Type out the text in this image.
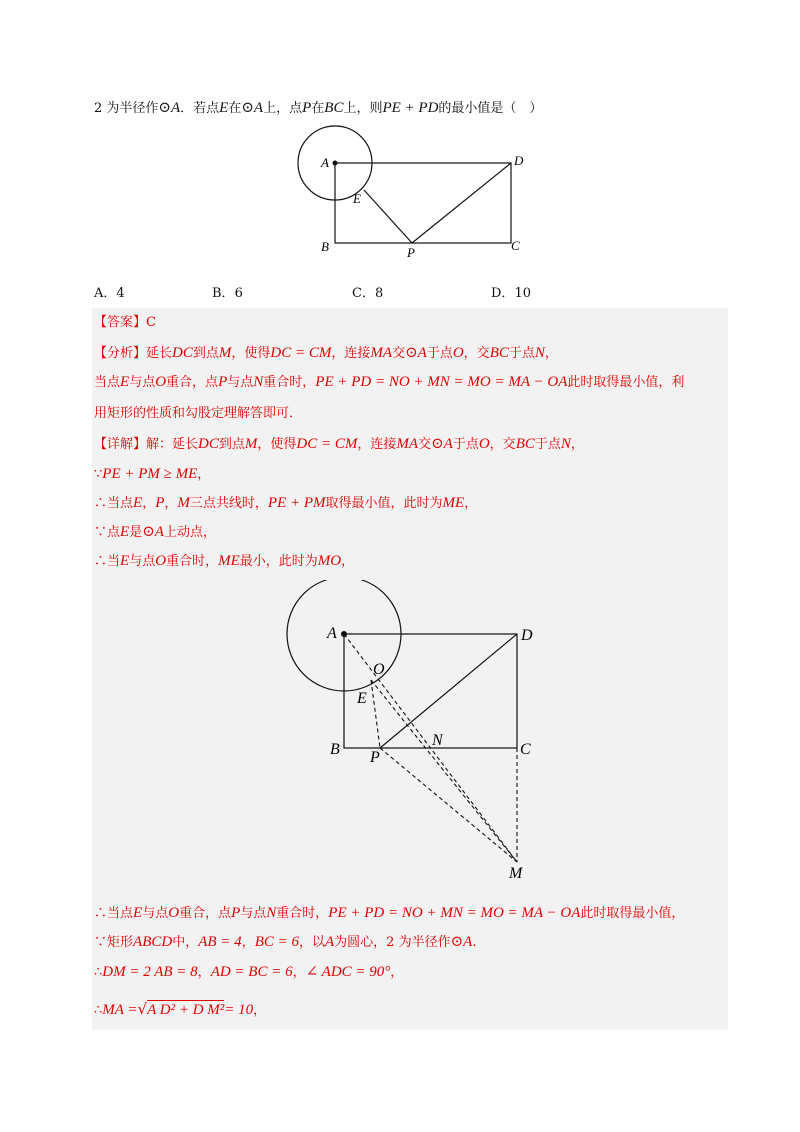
2 为半径作⊙A．若点E在⊙A上，点P在BC上，则PE + PD的最小值是（　）
A	D
E
B	P	C
A．4	B．6	C．8	D．10
【答案】C
【分析】延长DC到点M，使得DC = CM，连接MA交⊙A于点O，交BC于点N，
当点E与点O重合，点P与点N重合时，PE + PD = NO + MN = MO = MA − OA此时取得最小值，利
用矩形的性质和勾股定理解答即可．
【详解】解：延长DC到点M，使得DC = CM，连接MA交⊙A于点O，交BC于点N，
∵PE + PM ≥ ME，
∴当点E，P，M三点共线时，PE + PM取得最小值，此时为ME，
∵点E是⊙A上动点，
∴当E与点O重合时，ME最小，此时为MO，
A	D
O
E
B P
N
C
M
∴当点E与点O重合，点P与点N重合时，PE + PD = NO + MN = MO = MA − OA此时取得最小值，
∵矩形ABCD中，AB = 4，BC = 6，以A为圆心，2 为半径作⊙A.
∴DM = 2 AB = 8，AD = BC = 6，∠ ADC = 90°，
∴MA =√A D² + D M²= 10，
